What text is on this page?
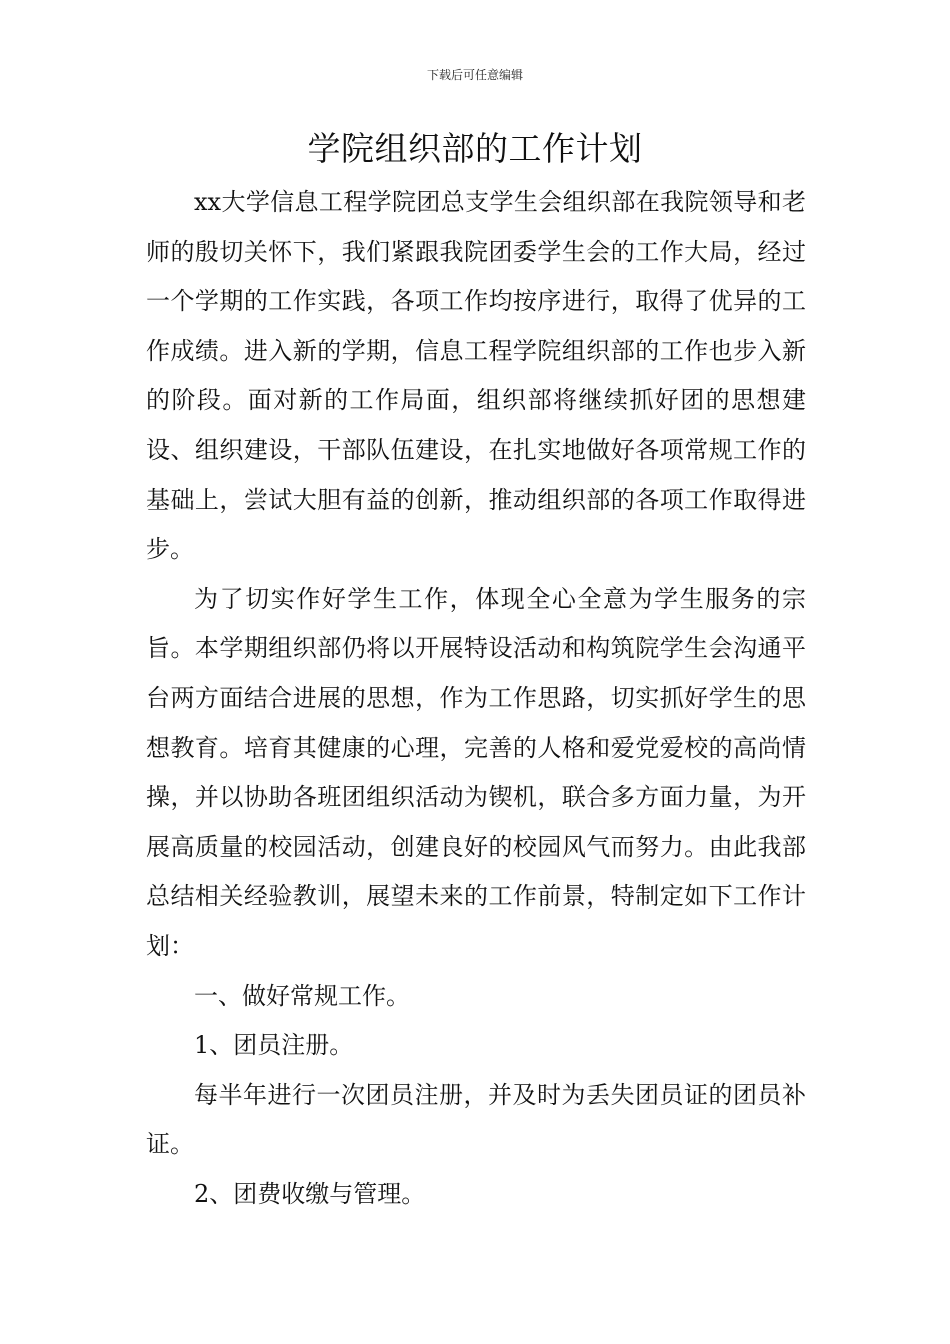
下载后可任意编辑
学院组织部的工作计划

xx大学信息工程学院团总支学生会组织部在我院领导和老师的殷切关怀下，我们紧跟我院团委学生会的工作大局，经过一个学期的工作实践，各项工作均按序进行，取得了优异的工作成绩。进入新的学期，信息工程学院组织部的工作也步入新的阶段。面对新的工作局面，组织部将继续抓好团的思想建设、组织建设，干部队伍建设，在扎实地做好各项常规工作的基础上，尝试大胆有益的创新，推动组织部的各项工作取得进步。

为了切实作好学生工作，体现全心全意为学生服务的宗旨。本学期组织部仍将以开展特设活动和构筑院学生会沟通平台两方面结合进展的思想，作为工作思路，切实抓好学生的思想教育。培育其健康的心理，完善的人格和爱党爱校的高尚情操，并以协助各班团组织活动为锲机，联合多方面力量，为开展高质量的校园活动，创建良好的校园风气而努力。由此我部总结相关经验教训，展望未来的工作前景，特制定如下工作计划：

一、做好常规工作。

1、团员注册。

每半年进行一次团员注册，并及时为丢失团员证的团员补证。

2、团费收缴与管理。
